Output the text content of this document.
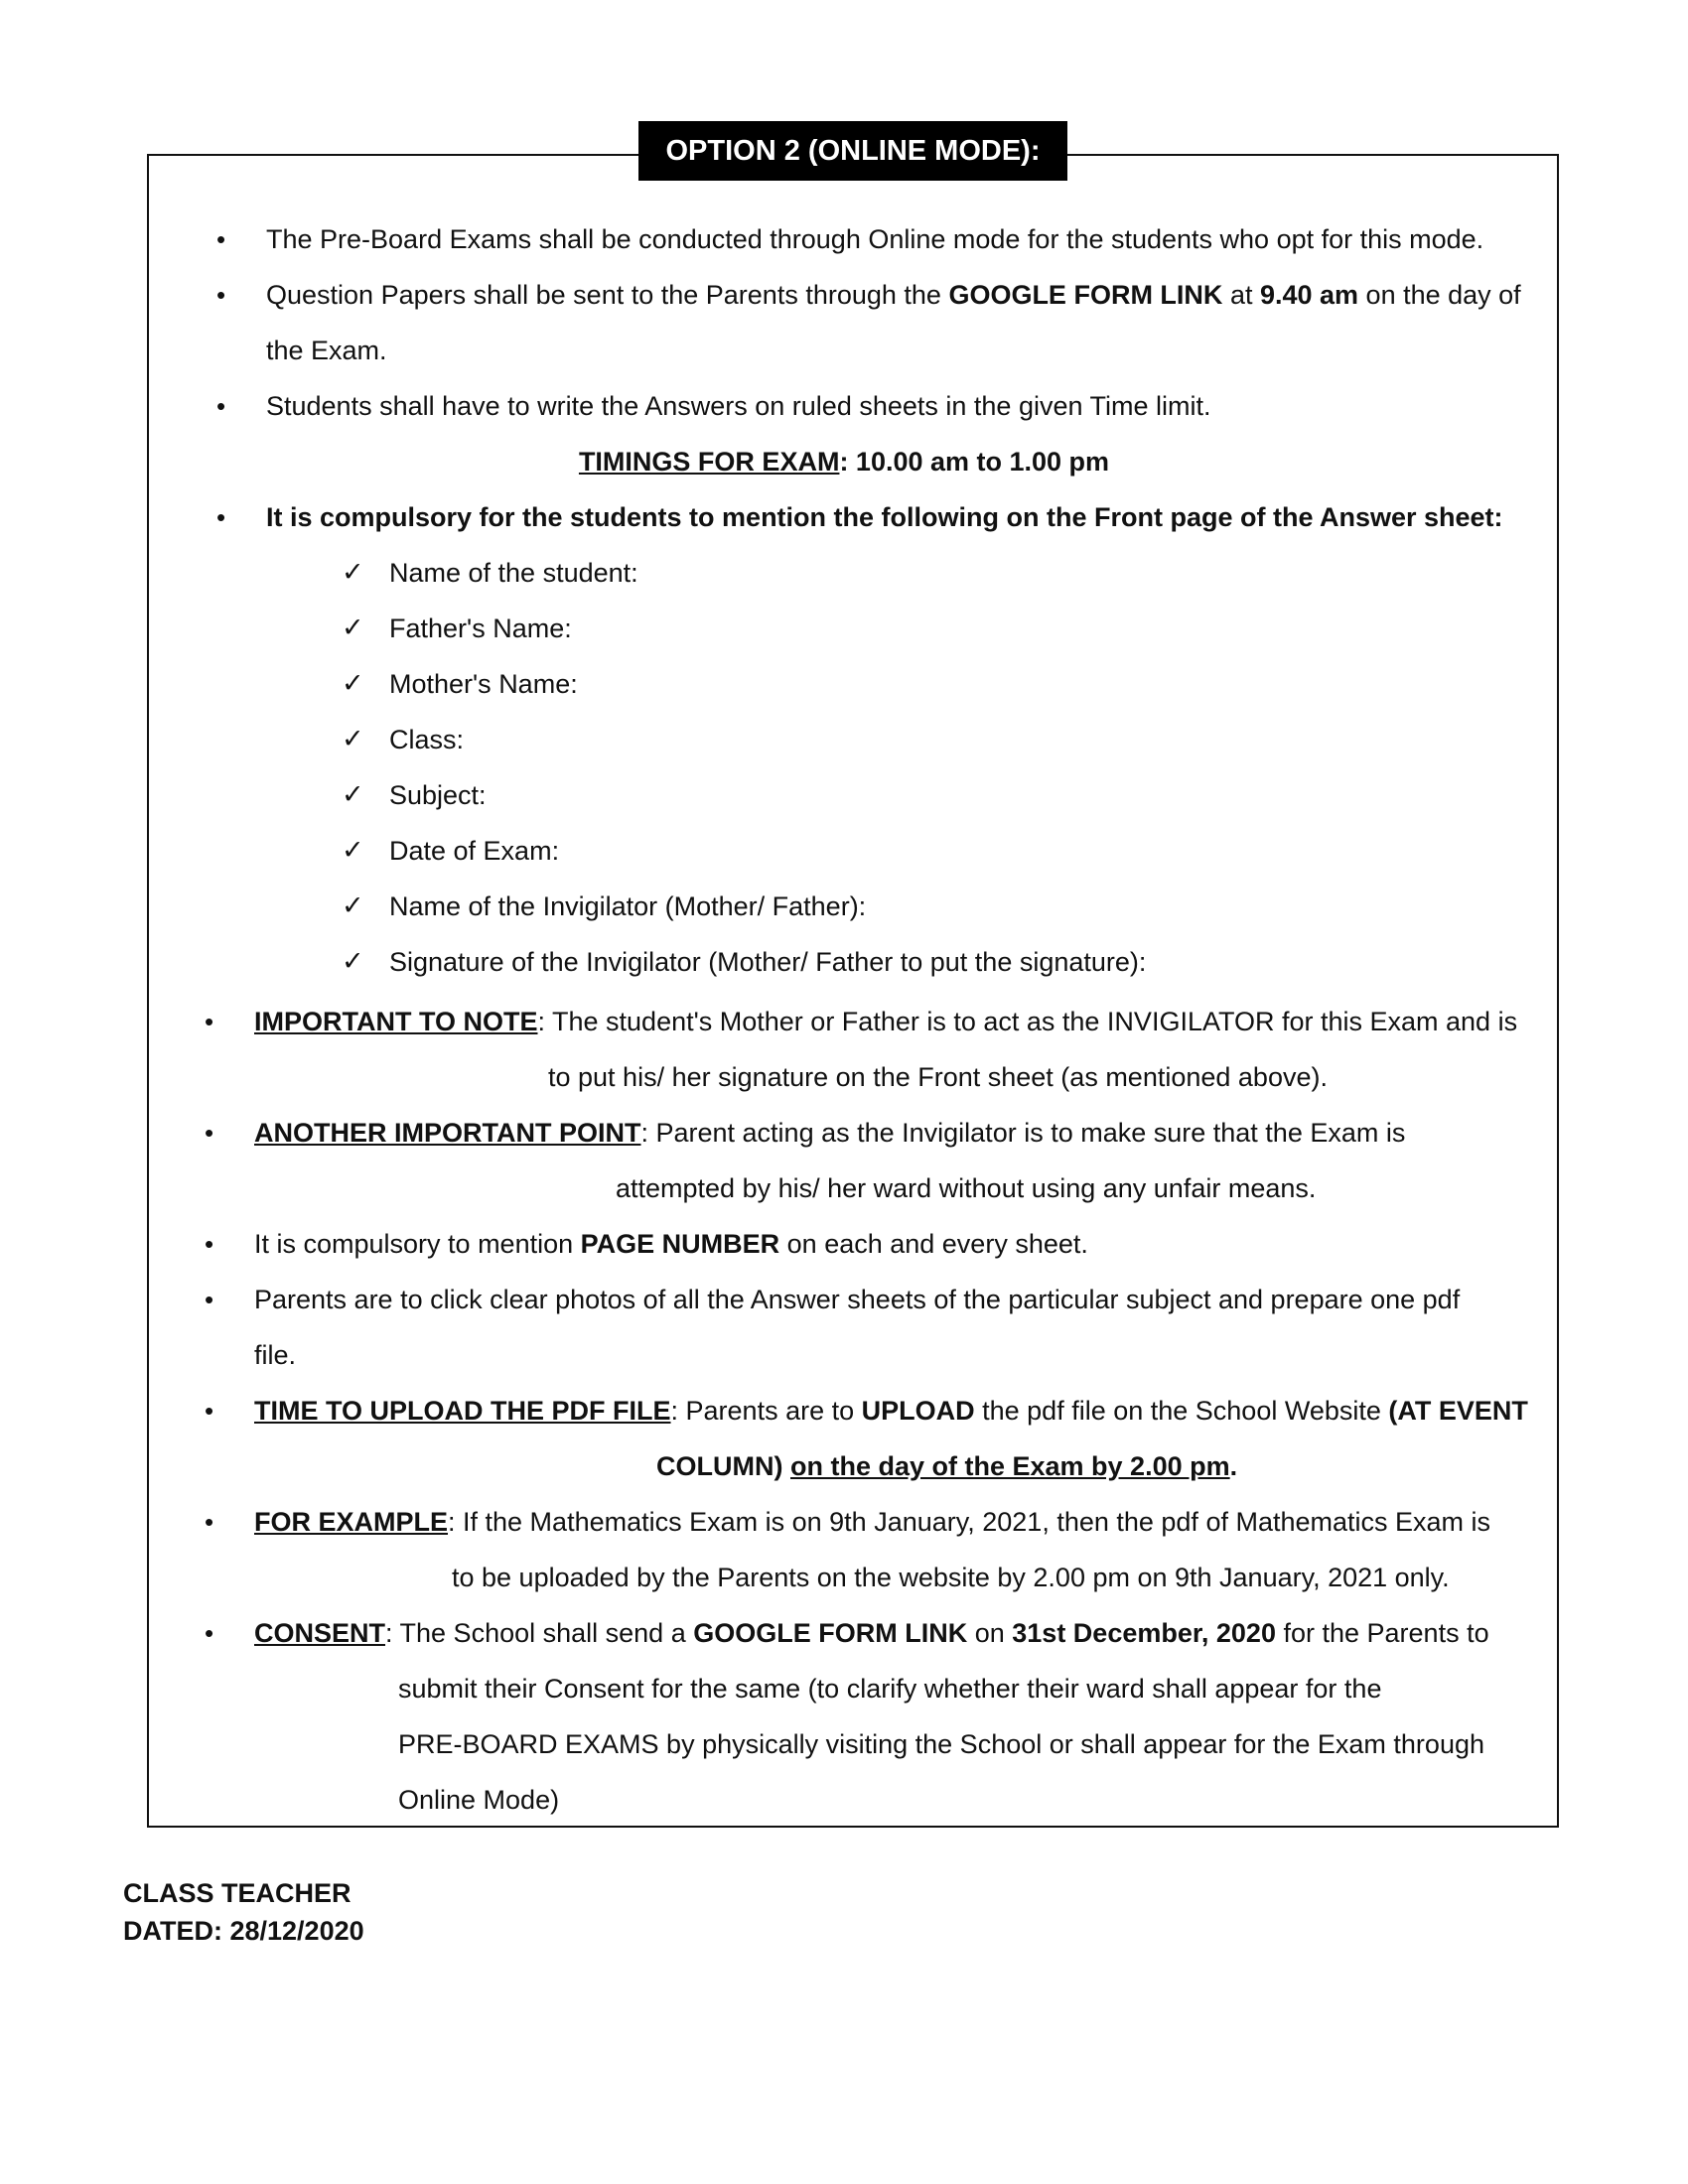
OPTION 2 (ONLINE MODE):
• The Pre-Board Exams shall be conducted through Online mode for the students who opt for this mode.
• Question Papers shall be sent to the Parents through the GOOGLE FORM LINK at 9.40 am on the day of
the Exam.
• Students shall have to write the Answers on ruled sheets in the given Time limit.
TIMINGS FOR EXAM: 10.00 am to 1.00 pm
• It is compulsory for the students to mention the following on the Front page of the Answer sheet:
✓ Name of the student:
✓ Father's Name:
✓ Mother's Name:
✓ Class:
✓ Subject:
✓ Date of Exam:
✓ Name of the Invigilator (Mother/ Father):
✓ Signature of the Invigilator (Mother/ Father to put the signature):
• IMPORTANT TO NOTE: The student's Mother or Father is to act as the INVIGILATOR for this Exam and is
to put his/ her signature on the Front sheet (as mentioned above).
• ANOTHER IMPORTANT POINT: Parent acting as the Invigilator is to make sure that the Exam is
attempted by his/ her ward without using any unfair means.
• It is compulsory to mention PAGE NUMBER on each and every sheet.
• Parents are to click clear photos of all the Answer sheets of the particular subject and prepare one pdf
file.
• TIME TO UPLOAD THE PDF FILE: Parents are to UPLOAD the pdf file on the School Website (AT EVENT
COLUMN) on the day of the Exam by 2.00 pm.
• FOR EXAMPLE: If the Mathematics Exam is on 9th January, 2021, then the pdf of Mathematics Exam is
to be uploaded by the Parents on the website by 2.00 pm on 9th January, 2021 only.
• CONSENT: The School shall send a GOOGLE FORM LINK on 31st December, 2020 for the Parents to
submit their Consent for the same (to clarify whether their ward shall appear for the
PRE-BOARD EXAMS by physically visiting the School or shall appear for the Exam through
Online Mode)
CLASS TEACHER
DATED: 28/12/2020
